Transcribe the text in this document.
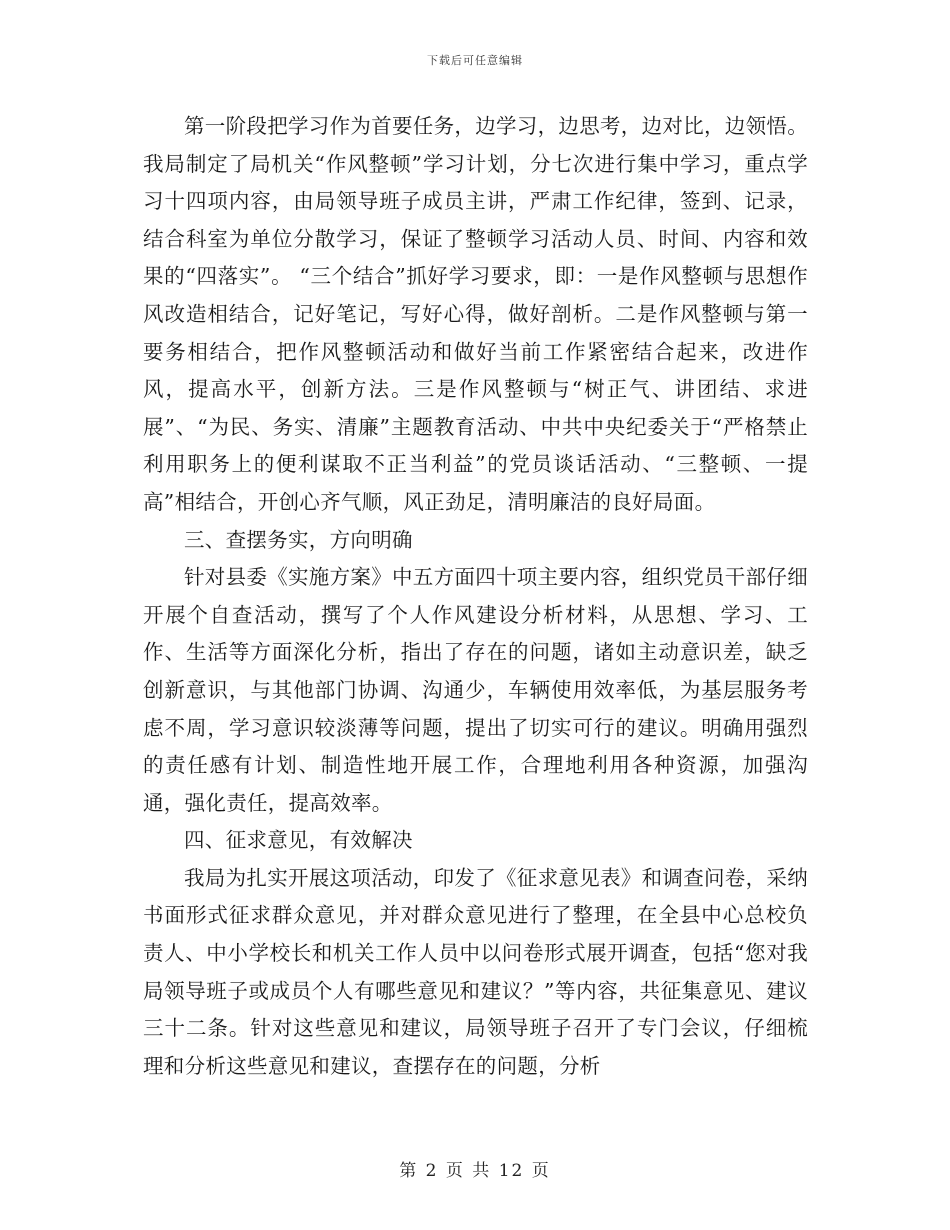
下载后可任意编辑

第一阶段把学习作为首要任务，边学习，边思考，边对比，边领悟。我局制定了局机关“作风整顿”学习计划，分七次进行集中学习，重点学习十四项内容，由局领导班子成员主讲，严肃工作纪律，签到、记录，结合科室为单位分散学习，保证了整顿学习活动人员、时间、内容和效果的“四落实”。 “三个结合”抓好学习要求，即：一是作风整顿与思想作风改造相结合，记好笔记，写好心得，做好剖析。二是作风整顿与第一要务相结合，把作风整顿活动和做好当前工作紧密结合起来，改进作风，提高水平，创新方法。三是作风整顿与“树正气、讲团结、求进展”、“为民、务实、清廉”主题教育活动、中共中央纪委关于“严格禁止利用职务上的便利谋取不正当利益”的党员谈话活动、“三整顿、一提高”相结合，开创心齐气顺，风正劲足，清明廉洁的良好局面。

三、查摆务实，方向明确

针对县委《实施方案》中五方面四十项主要内容，组织党员干部仔细开展个自查活动，撰写了个人作风建设分析材料，从思想、学习、工作、生活等方面深化分析，指出了存在的问题，诸如主动意识差，缺乏创新意识，与其他部门协调、沟通少，车辆使用效率低，为基层服务考虑不周，学习意识较淡薄等问题，提出了切实可行的建议。明确用强烈的责任感有计划、制造性地开展工作，合理地利用各种资源，加强沟通，强化责任，提高效率。

四、征求意见，有效解决

我局为扎实开展这项活动，印发了《征求意见表》和调查问卷，采纳书面形式征求群众意见，并对群众意见进行了整理，在全县中心总校负责人、中小学校长和机关工作人员中以问卷形式展开调查，包括“您对我局领导班子或成员个人有哪些意见和建议？”等内容，共征集意见、建议三十二条。针对这些意见和建议，局领导班子召开了专门会议，仔细梳理和分析这些意见和建议，查摆存在的问题，分析

第 2 页 共 12 页
